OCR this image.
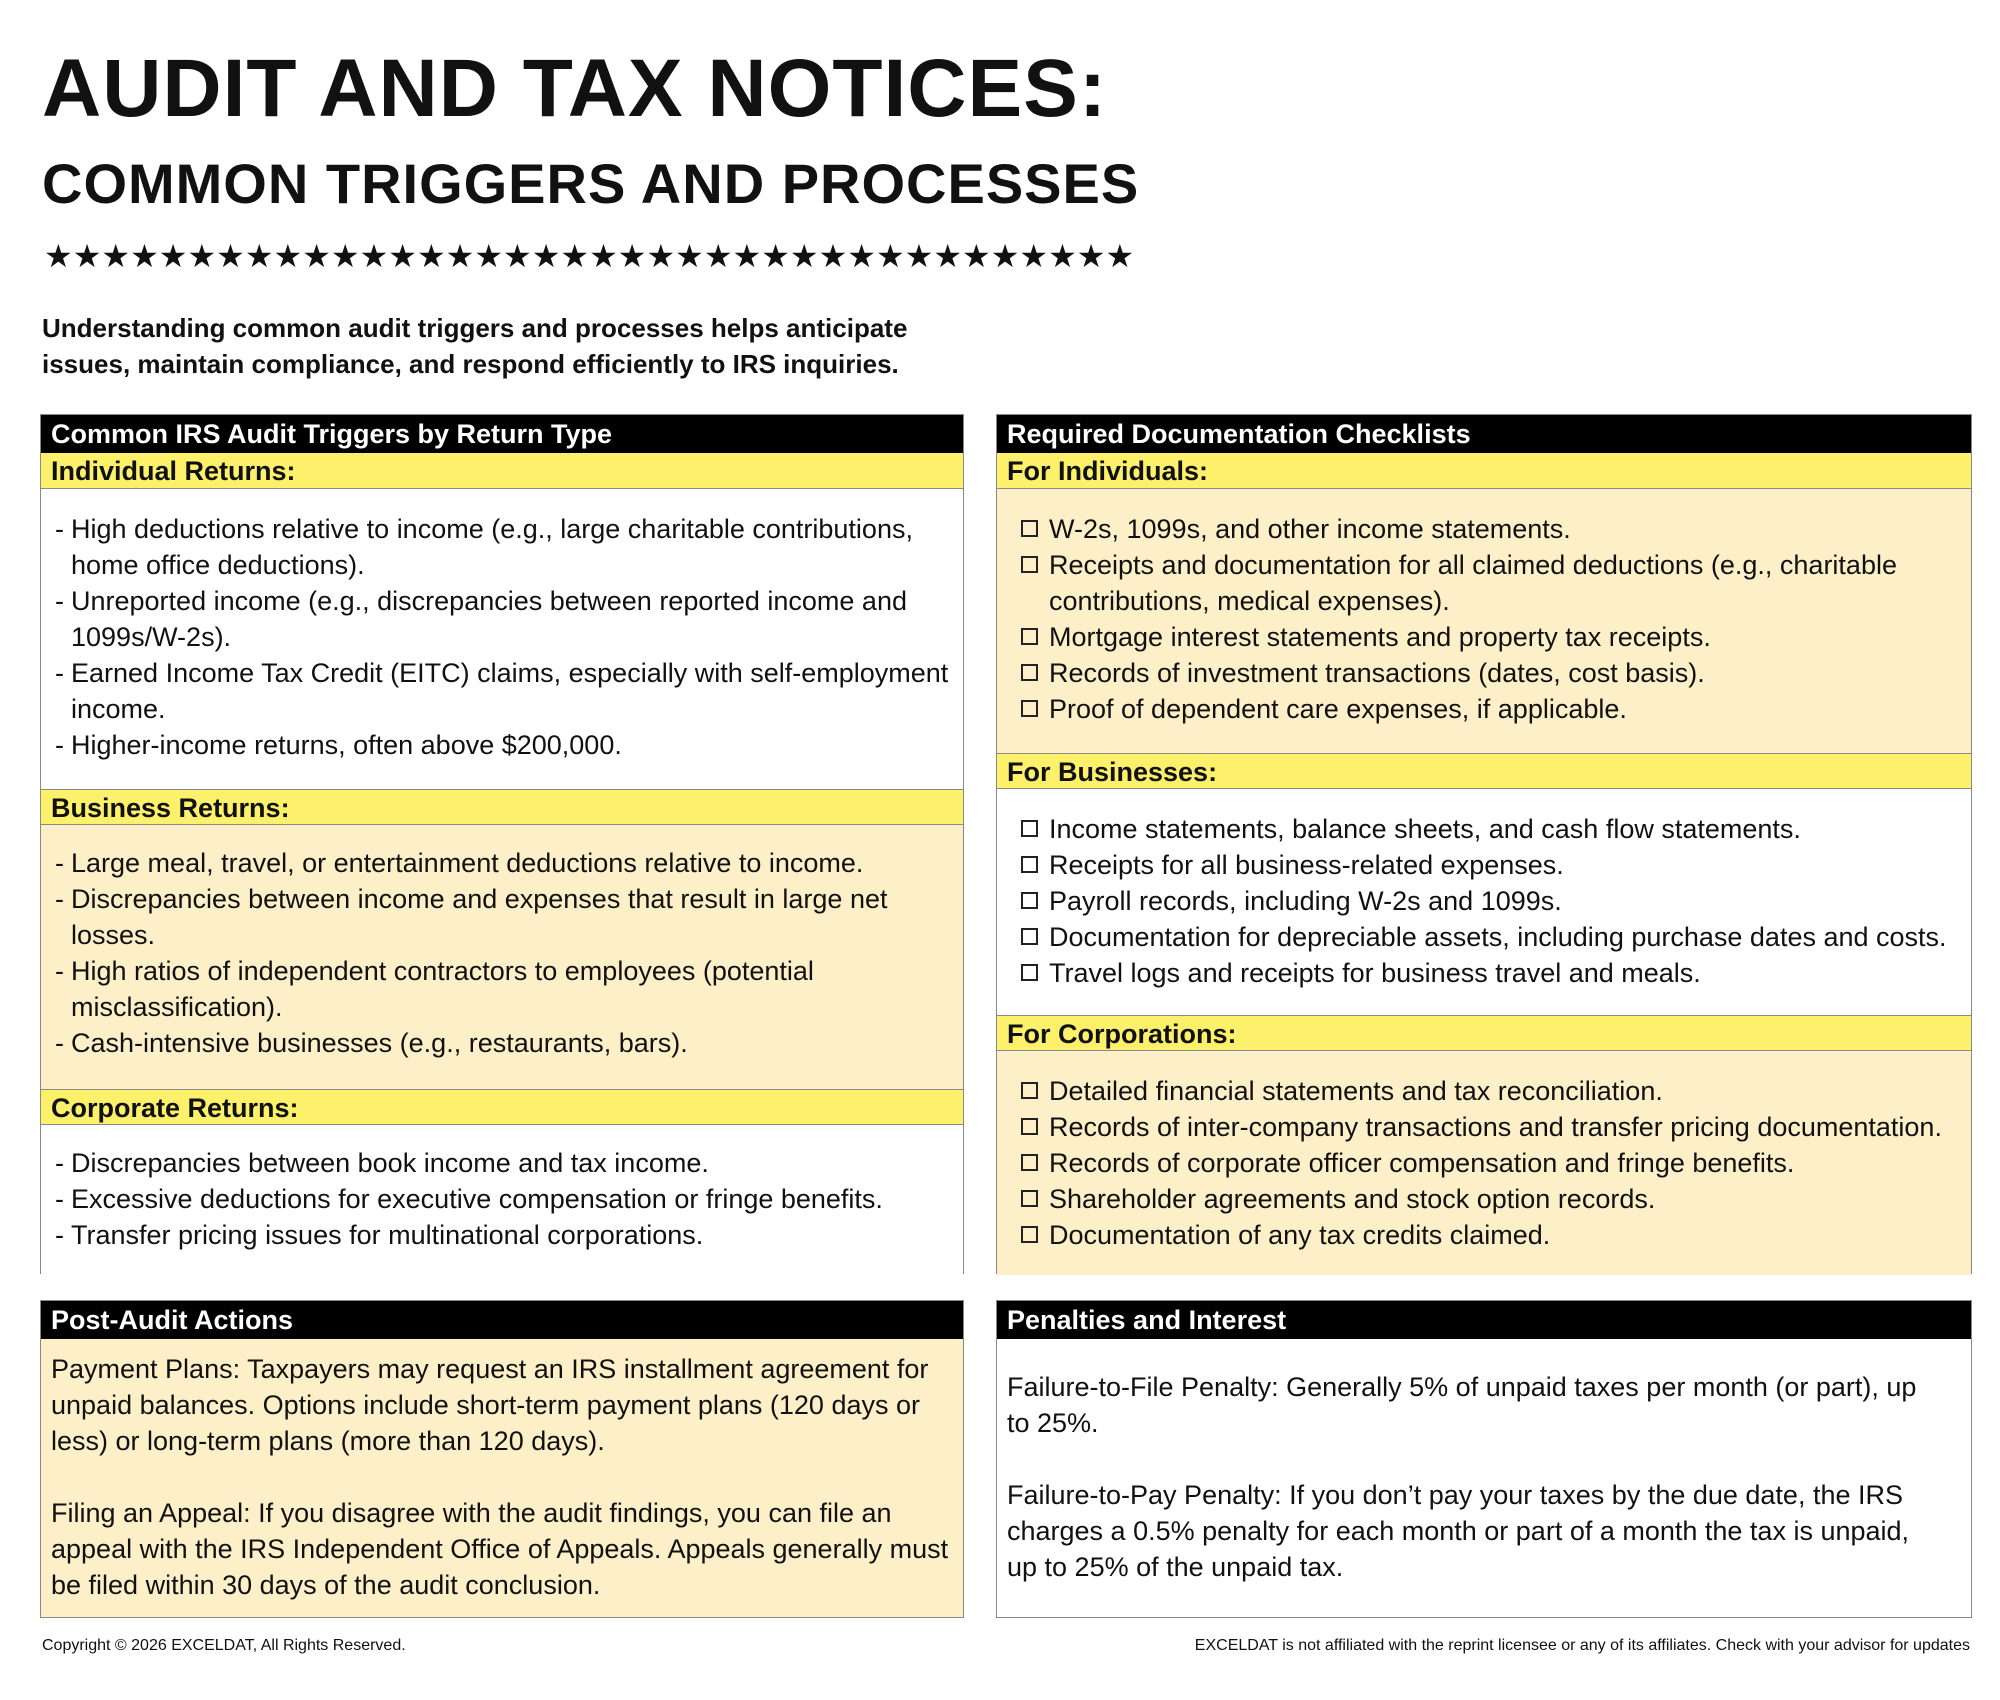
AUDIT AND TAX NOTICES:
COMMON TRIGGERS AND PROCESSES
★★★★★★★★★★★★★★★★★★★★★★★★★★★★★★★★★★★★★★

Understanding common audit triggers and processes helps anticipate issues, maintain compliance, and respond efficiently to IRS inquiries.

Common IRS Audit Triggers by Return Type
Individual Returns:
- High deductions relative to income (e.g., large charitable contributions, home office deductions).
- Unreported income (e.g., discrepancies between reported income and 1099s/W-2s).
- Earned Income Tax Credit (EITC) claims, especially with self-employment income.
- Higher-income returns, often above $200,000.
Business Returns:
- Large meal, travel, or entertainment deductions relative to income.
- Discrepancies between income and expenses that result in large net losses.
- High ratios of independent contractors to employees (potential misclassification).
- Cash-intensive businesses (e.g., restaurants, bars).
Corporate Returns:
- Discrepancies between book income and tax income.
- Excessive deductions for executive compensation or fringe benefits.
- Transfer pricing issues for multinational corporations.
Required Documentation Checklists
For Individuals:
W-2s, 1099s, and other income statements.
Receipts and documentation for all claimed deductions (e.g., charitable contributions, medical expenses).
Mortgage interest statements and property tax receipts.
Records of investment transactions (dates, cost basis).
Proof of dependent care expenses, if applicable.
For Businesses:
Income statements, balance sheets, and cash flow statements.
Receipts for all business-related expenses.
Payroll records, including W-2s and 1099s.
Documentation for depreciable assets, including purchase dates and costs.
Travel logs and receipts for business travel and meals.
For Corporations:
Detailed financial statements and tax reconciliation.
Records of inter-company transactions and transfer pricing documentation.
Records of corporate officer compensation and fringe benefits.
Shareholder agreements and stock option records.
Documentation of any tax credits claimed.
Post-Audit Actions

Payment Plans: Taxpayers may request an IRS installment agreement for unpaid balances. Options include short-term payment plans (120 days or less) or long-term plans (more than 120 days).

Filing an Appeal: If you disagree with the audit findings, you can file an appeal with the IRS Independent Office of Appeals. Appeals generally must be filed within 30 days of the audit conclusion.

Penalties and Interest

Failure-to-File Penalty: Generally 5% of unpaid taxes per month (or part), up to 25%.

Failure-to-Pay Penalty: If you don’t pay your taxes by the due date, the IRS charges a 0.5% penalty for each month or part of a month the tax is unpaid, up to 25% of the unpaid tax.

Copyright © 2026 EXCELDAT, All Rights Reserved.	EXCELDAT is not affiliated with the reprint licensee or any of its affiliates. Check with your advisor for updates
